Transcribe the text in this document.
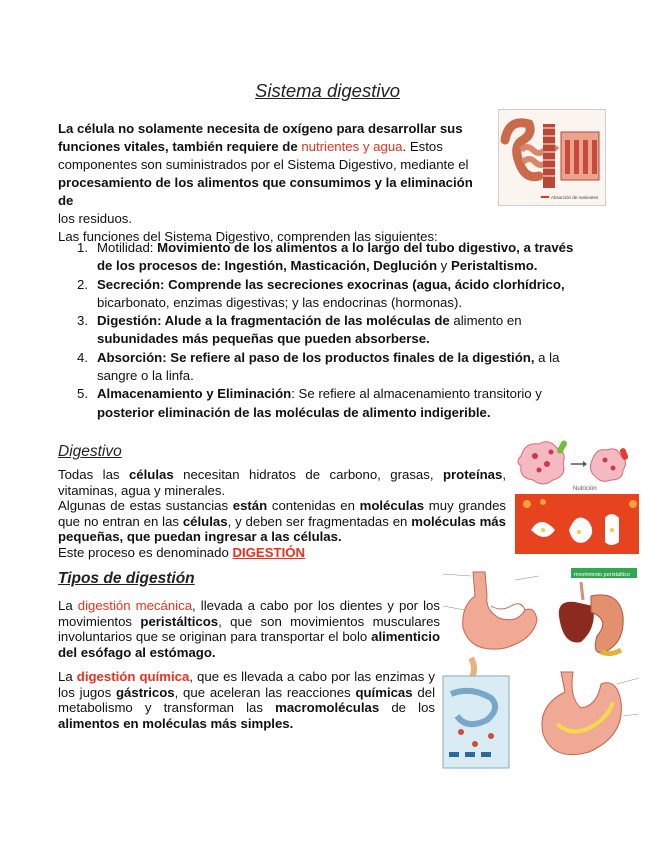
Sistema digestivo
La célula no solamente necesita de oxígeno para desarrollar sus
funciones vitales, también requiere de nutrientes y agua. Estos
componentes son suministrados por el Sistema Digestivo, mediante el
procesamiento de los alimentos que consumimos y la eliminación de
los residuos.
Las funciones del Sistema Digestivo, comprenden las siguientes:
Absorción de nutrientes
1. Motilidad: Movimiento de los alimentos a lo largo del tubo digestivo, a través de los procesos de: Ingestión, Masticación, Deglución y Peristaltismo.
2. Secreción: Comprende las secreciones exocrinas (agua, ácido clorhídrico, bicarbonato, enzimas digestivas; y las endocrinas (hormonas).
3. Digestión: Alude a la fragmentación de las moléculas de alimento en subunidades más pequeñas que pueden absorberse.
4. Absorción: Se refiere al paso de los productos finales de la digestión, a la sangre o la linfa.
5. Almacenamiento y Eliminación: Se refiere al almacenamiento transitorio y posterior eliminación de las moléculas de alimento indigerible.
Digestivo
Todas las células necesitan hidratos de carbono, grasas, proteínas, vitaminas, agua y minerales.
Algunas de estas sustancias están contenidas en moléculas muy grandes que no entran en las células, y deben ser fragmentadas en moléculas más pequeñas, que puedan ingresar a las células.
Este proceso es denominado DIGESTIÓN
Nutrición
Tipos de digestión
La digestión mecánica, llevada a cabo por los dientes y por los movimientos peristálticos, que son movimientos musculares involuntarios que se originan para transportar el bolo alimenticio del esófago al estómago.
La digestión química, que es llevada a cabo por las enzimas y los jugos gástricos, que aceleran las reacciones químicas del metabolismo y transforman las macromoléculas de los alimentos en moléculas más simples.
movimiento peristaltico
